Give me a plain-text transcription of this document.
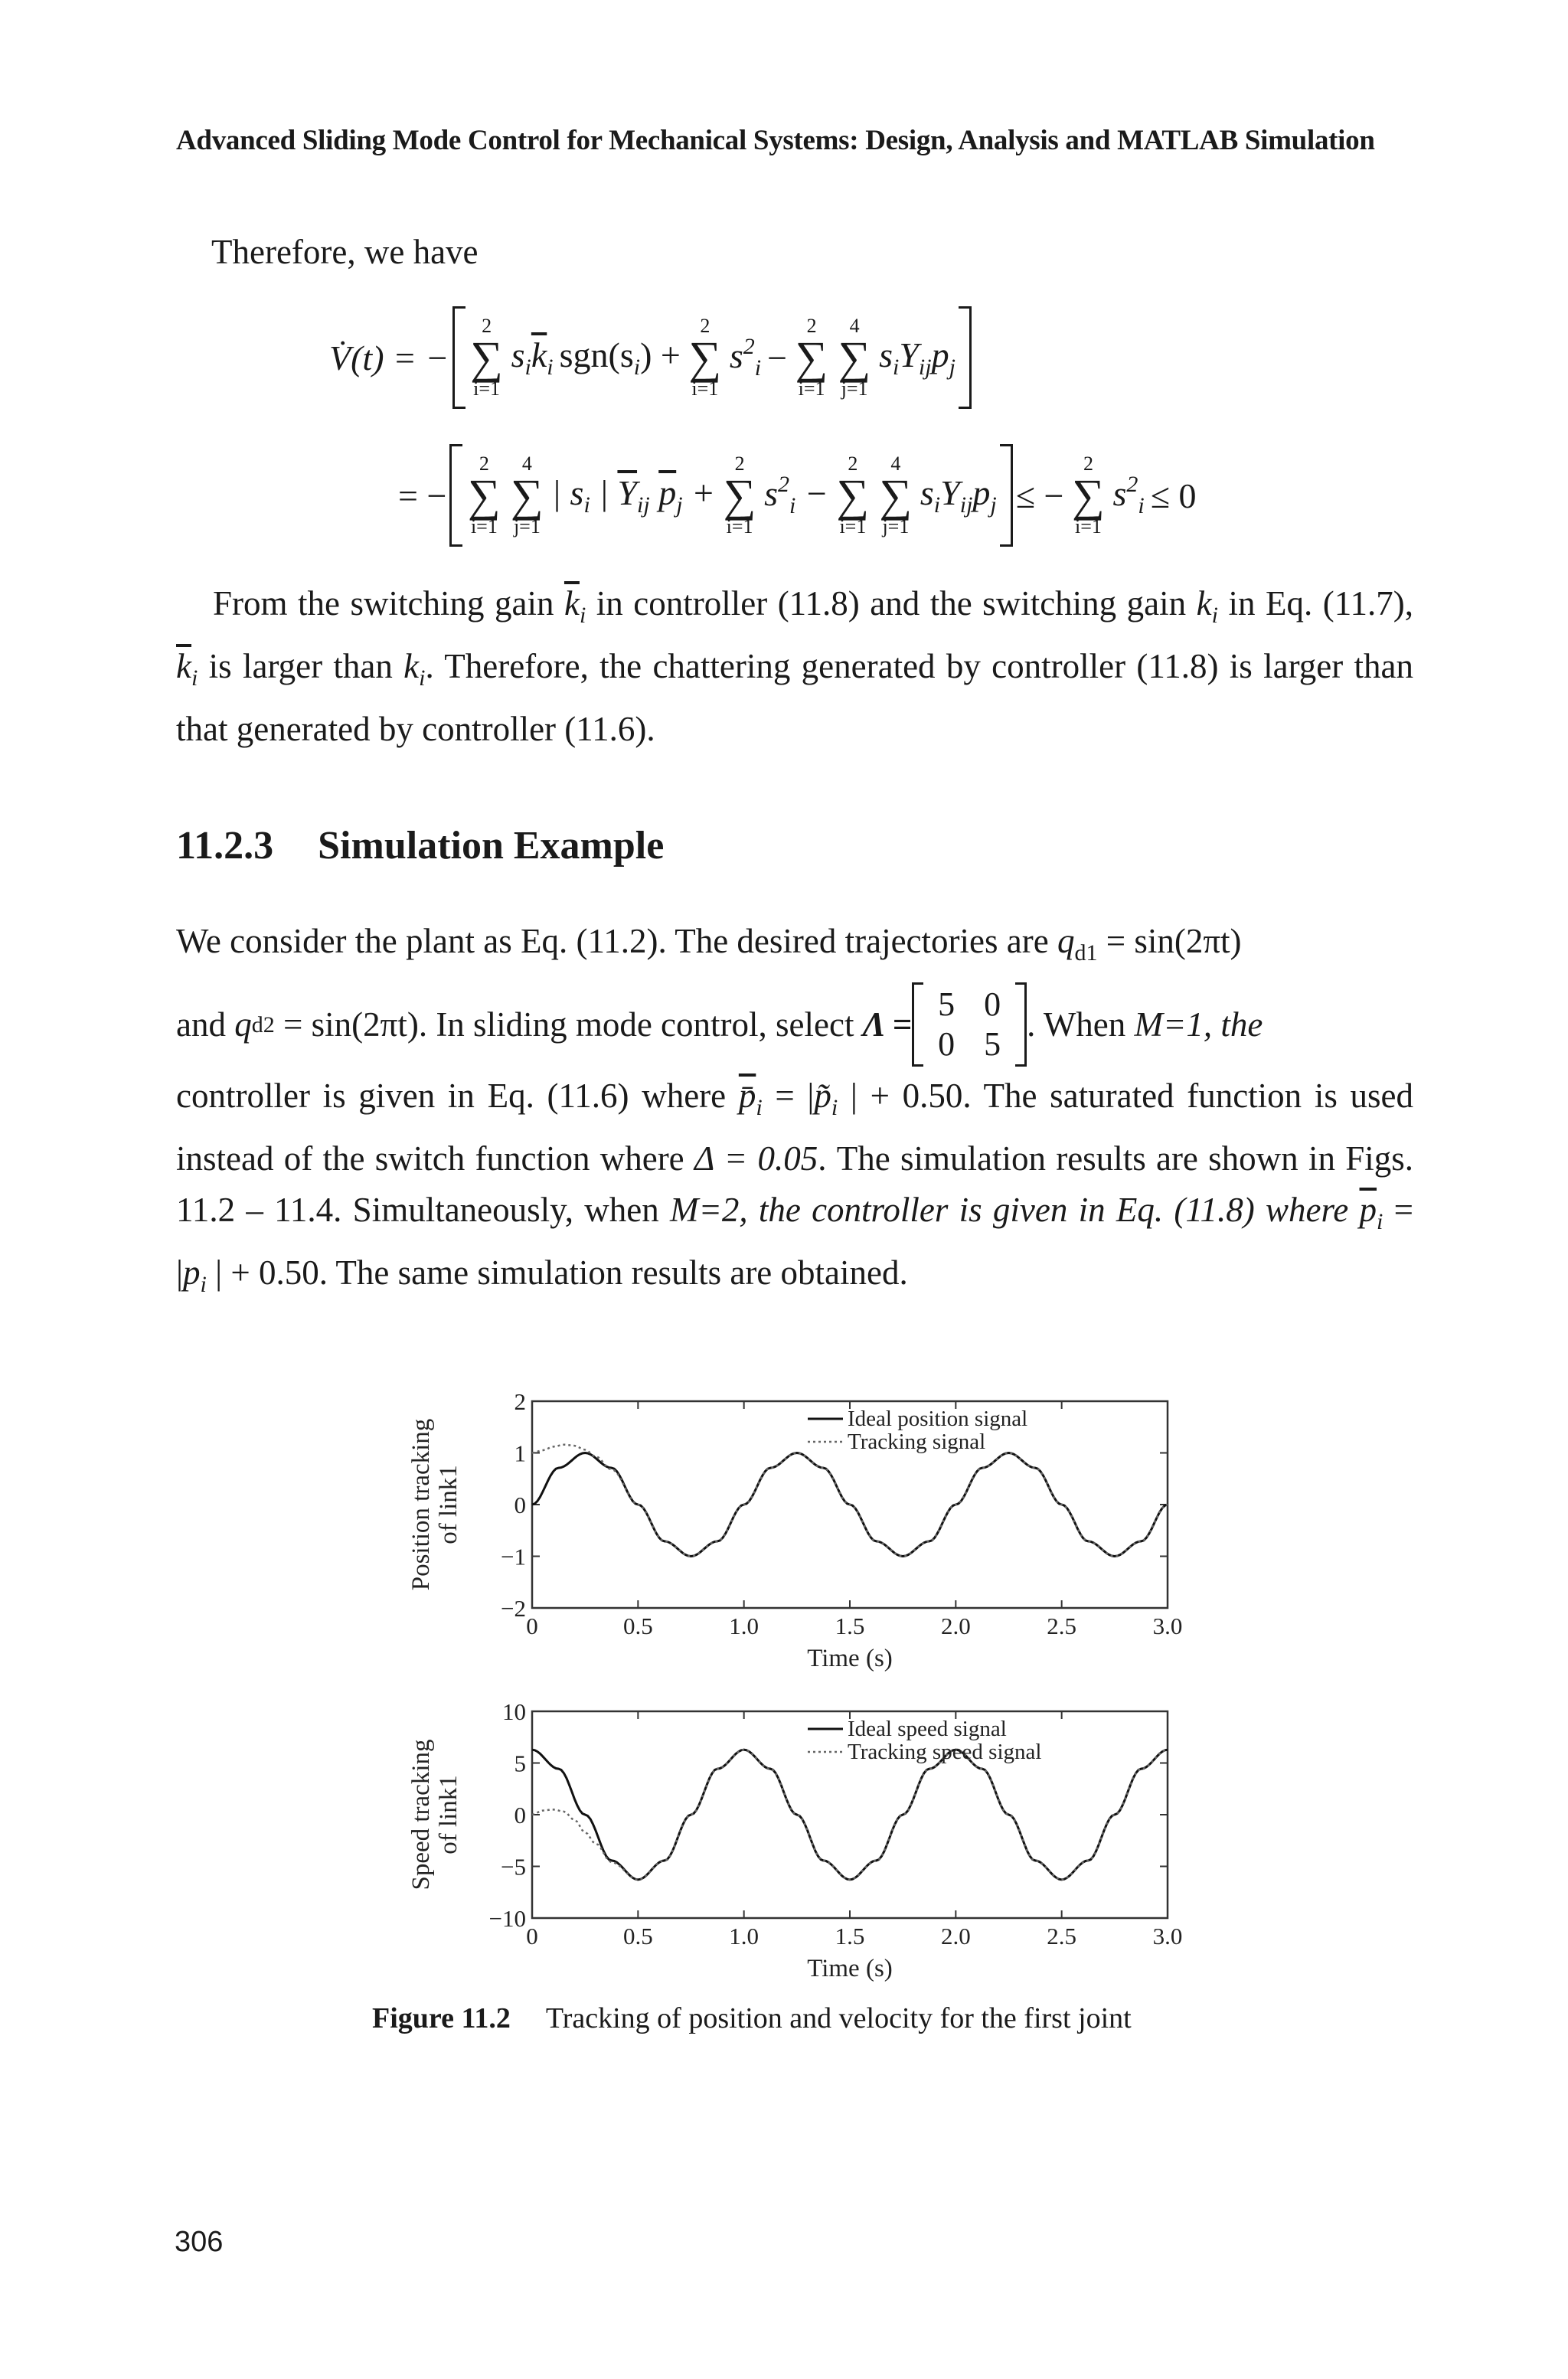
Advanced Sliding Mode Control for Mechanical Systems: Design, Analysis and MATLAB Simulation
Therefore, we have
V̇(t) = −
2
∑
i=1
$s_i\overline{k}_i$ $sgn(s_i)$ +
2
∑
i=1
$s^2_i$ −
2
∑
i=1
4
∑
j=1
$s_iY_{ij}p_j$
= −
2
∑
i=1
4
∑
j=1
| $s_i$ | $\overline{Y}_{ij}$ $\overline{p}_j$ +
2
∑
i=1
$s^2_i$ −
2
∑
i=1
4
∑
j=1
$s_iY_{ij}p_j$ ≤ −
2
∑
i=1
$s^2_i \le 0$

From the switching gain $\overline{k}_i$ in controller (11.8) and the switching gain $k_i$ in Eq. (11.7), $\overline{k}_i$ is larger than $k_i$. Therefore, the chattering generated by controller (11.8) is larger than that generated by controller (11.6).

11.2.3 Simulation Example

We consider the plant as Eq. (11.2). The desired trajectories are $q_{d1} = \sin(2\pi t)$

and
q d2
= sin(2πt). In sliding mode control, select
Λ =
5 0
0 5
. When
M=1, the

controller is given in Eq. (11.6) where $p̄_i$ = $|p̃_i$ | + 0.50. The saturated function is used instead of the switch function where Δ = 0.05. The simulation results are shown in Figs. 11.2 – 11.4. Simultaneously, when M=2, the controller is given in Eq. (11.8) where $\overline{p}_i = |p_i$ | + 0.50. The same simulation results are obtained.

0	0.5	1.0	1.5	2.0	2.5	3.0
2
1
0
−1
−2
Time (s)
Position tracking of link1
Ideal position signal
Tracking signal
0	0.5	1.0	1.5	2.0	2.5	3.0
10
5
0
−5
−10
Time (s)
Speed tracking of link1
Ideal speed signal
Tracking speed signal
Figure 11.2 Tracking of position and velocity for the first joint
306
